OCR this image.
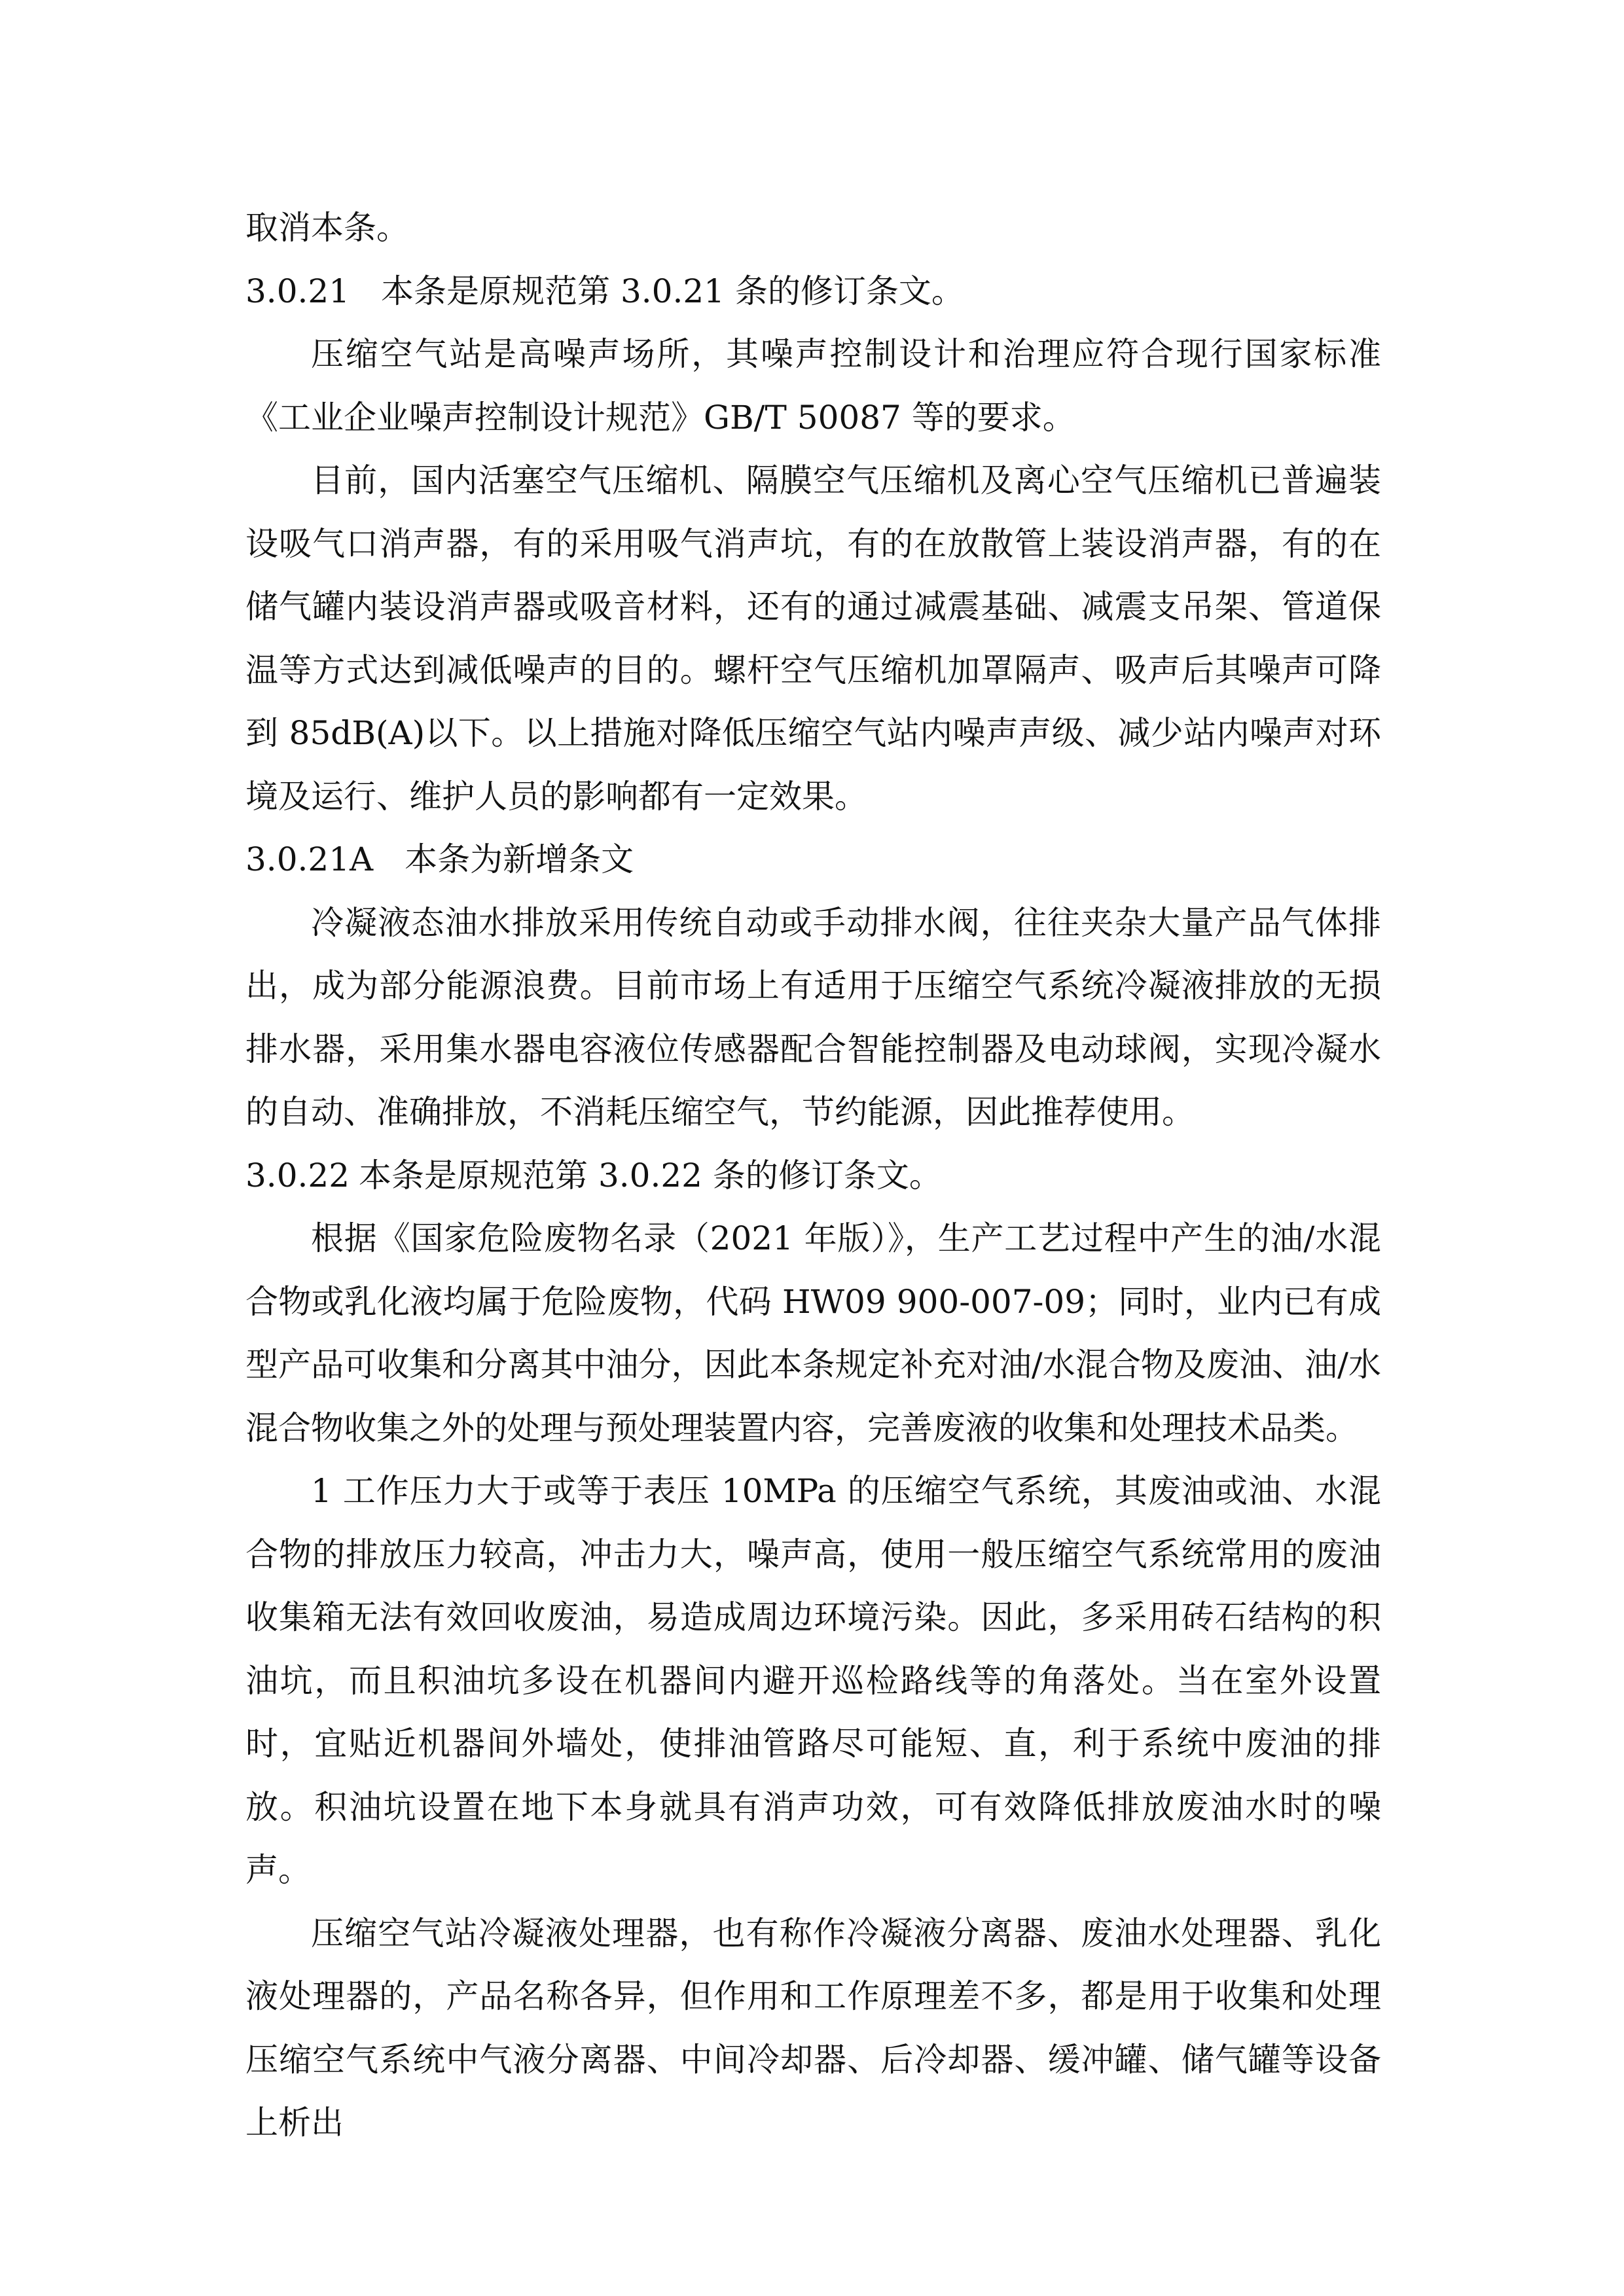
取消本条。

3.0.21 本条是原规范第 3.0.21 条的修订条文。

压缩空气站是高噪声场所，其噪声控制设计和治理应符合现行国家标准《工业企业噪声控制设计规范》GB/T 50087 等的要求。

目前，国内活塞空气压缩机、隔膜空气压缩机及离心空气压缩机已普遍装设吸气口消声器，有的采用吸气消声坑，有的在放散管上装设消声器，有的在储气罐内装设消声器或吸音材料，还有的通过减震基础、减震支吊架、管道保温等方式达到减低噪声的目的。螺杆空气压缩机加罩隔声、吸声后其噪声可降到 85dB(A)以下。以上措施对降低压缩空气站内噪声声级、减少站内噪声对环境及运行、维护人员的影响都有一定效果。

3.0.21A 本条为新增条文

冷凝液态油水排放采用传统自动或手动排水阀，往往夹杂大量产品气体排出，成为部分能源浪费。目前市场上有适用于压缩空气系统冷凝液排放的无损排水器，采用集水器电容液位传感器配合智能控制器及电动球阀，实现冷凝水的自动、准确排放，不消耗压缩空气，节约能源，因此推荐使用。

3.0.22 本条是原规范第 3.0.22 条的修订条文。

根据《国家危险废物名录（2021 年版）》，生产工艺过程中产生的油/水混合物或乳化液均属于危险废物，代码 HW09 900-007-09；同时，业内已有成型产品可收集和分离其中油分，因此本条规定补充对油/水混合物及废油、油/水混合物收集之外的处理与预处理装置内容，完善废液的收集和处理技术品类。

1 工作压力大于或等于表压 10MPa 的压缩空气系统，其废油或油、水混合物的排放压力较高，冲击力大，噪声高，使用一般压缩空气系统常用的废油收集箱无法有效回收废油，易造成周边环境污染。因此，多采用砖石结构的积油坑，而且积油坑多设在机器间内避开巡检路线等的角落处。当在室外设置时，宜贴近机器间外墙处，使排油管路尽可能短、直，利于系统中废油的排放。积油坑设置在地下本身就具有消声功效，可有效降低排放废油水时的噪声。

压缩空气站冷凝液处理器，也有称作冷凝液分离器、废油水处理器、乳化液处理器的，产品名称各异，但作用和工作原理差不多，都是用于收集和处理压缩空气系统中气液分离器、中间冷却器、后冷却器、缓冲罐、储气罐等设备上析出
